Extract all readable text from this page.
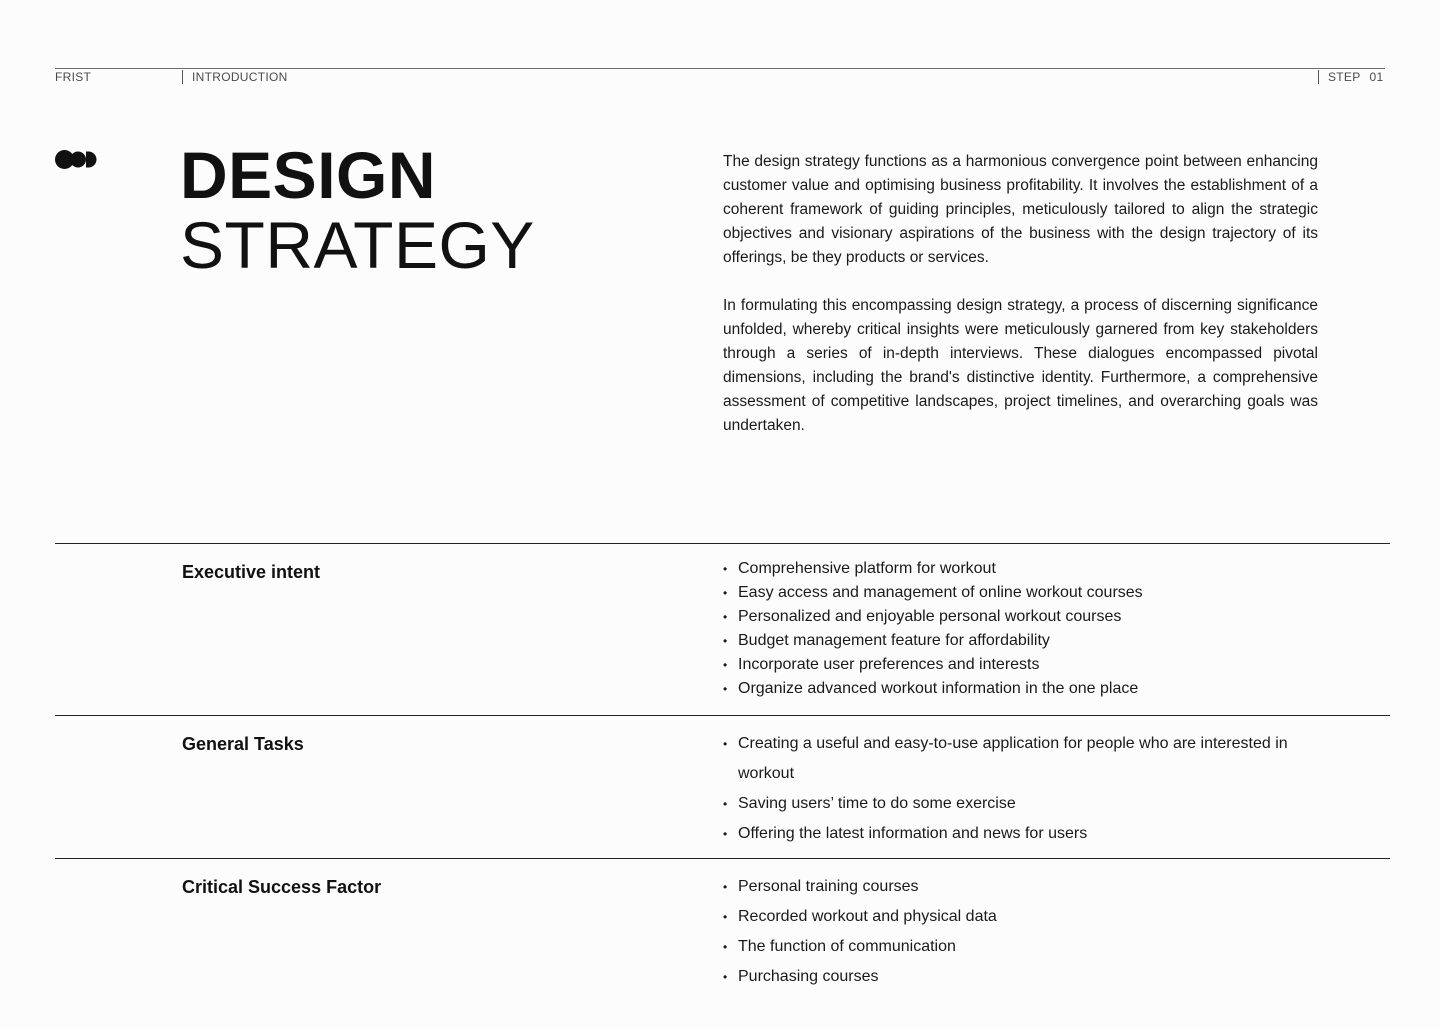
FRIST	INTRODUCTION	STEP 01
DESIGN
STRATEGY

The design strategy functions as a harmonious convergence point between enhancing customer value and optimising business profitability. It involves the establishment of a coherent framework of guiding principles, meticulously tailored to align the strategic objectives and visionary aspirations of the business with the design trajectory of its offerings, be they products or services.

In formulating this encompassing design strategy, a process of discerning significance unfolded, whereby critical insights were meticulously garnered from key stakeholders through a series of in-depth interviews. These dialogues encompassed pivotal dimensions, including the brand's distinctive identity. Furthermore, a comprehensive assessment of competitive landscapes, project timelines, and overarching goals was undertaken.

Executive intent	• Comprehensive platform for workout
• Easy access and management of online workout courses
• Personalized and enjoyable personal workout courses
• Budget management feature for affordability
• Incorporate user preferences and interests
• Organize advanced workout information in the one place
General Tasks	• Creating a useful and easy-to-use application for people who are interested in workout
• Saving users’ time to do some exercise
• Offering the latest information and news for users
Critical Success Factor	• Personal training courses
• Recorded workout and physical data
• The function of communication
• Purchasing courses
